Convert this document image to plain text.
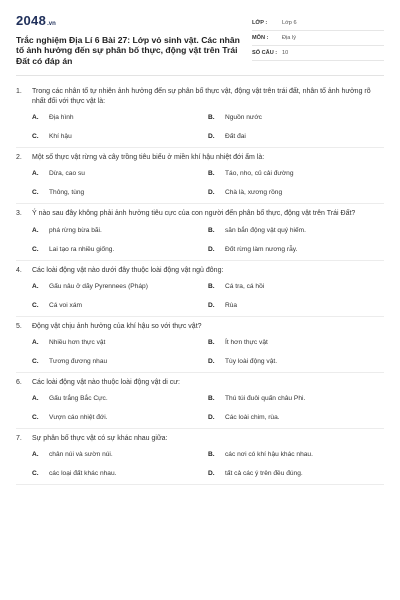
2048 .vn
Trắc nghiệm Địa Lí 6 Bài 27: Lớp vỏ sinh vật. Các nhân tố ảnh hưởng đến sự phân bố thực, động vật trên Trái Đất có đáp án
LỚP :	Lớp 6
MÔN :	Địa lý
SỐ CÂU : 10
1.	Trong các nhân tố tự nhiên ảnh hưởng đến sự phân bố thực vật, động vật trên trái đất, nhân tố ảnh hưởng rõ nhất đối với thực vật là:
A.	Địa hình	B.	Nguồn nước
C.	Khí hậu	D.	Đất đai
2.	Một số thực vật rừng và cây trồng tiêu biểu ở miền khí hậu nhiệt đới ẩm là:
A.	Dừa, cao su	B.	Táo, nho, củ cải đường
C.	Thông, tùng	D.	Chà là, xương rồng
3.	Ý nào sau đây không phải ảnh hưởng tiêu cực của con người đến phân bố thực, động vật trên Trái Đất?
A.	phá rừng bừa bãi.	B.	săn bắn động vật quý hiếm.
C.	Lai tạo ra nhiều giống.	D.	Đốt rừng làm nương rẫy.
4.	Các loài động vật nào dưới đây thuộc loài động vật ngủ đông:
A.	Gấu nâu ở dãy Pyrennees (Pháp)	B.	Cá tra, cá hồi
C.	Cá voi xám	D.	Rùa
5.	Động vật chịu ảnh hưởng của khí hậu so với thực vật?
A.	Nhiều hơn thực vật	B.	Ít hơn thực vật
C.	Tương đương nhau	D.	Tùy loài động vật.
6.	Các loài động vật nào thuộc loài động vật di cư:
A.	Gấu trắng Bắc Cực.	B.	Thú túi đuôi quấn châu Phi.
C.	Vượn cáo nhiệt đới.	D.	Các loài chim, rùa.
7.	Sự phân bố thực vật có sự khác nhau giữa:
A.	chân núi và sườn núi.	B.	các nơi có khí hậu khác nhau.
C.	các loại đất khác nhau.	D.	tất cả các ý trên đều đúng.
